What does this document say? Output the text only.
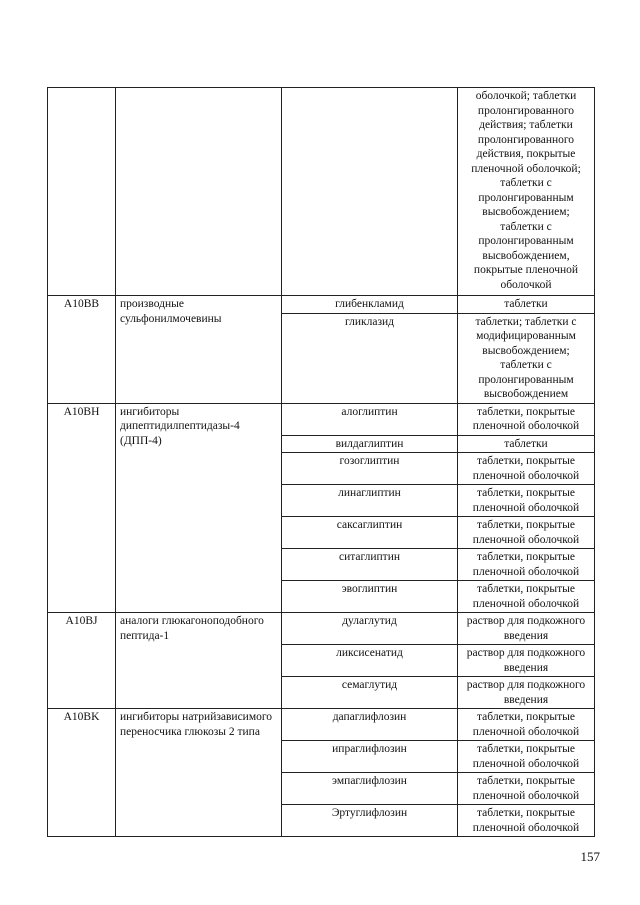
			оболочкой; таблетки пролонгированного действия; таблетки пролонгированного действия, покрытые пленочной оболочкой; таблетки с пролонгированным высвобождением; таблетки с пролонгированным высвобождением, покрытые пленочной оболочкой
A10BB	производные сульфонилмочевины	глибенкламид	таблетки
		гликлазид	таблетки; таблетки с модифицированным высвобождением; таблетки с пролонгированным высвобождением
A10BH	ингибиторы дипептидилпептидазы-4 (ДПП-4)	алоглиптин	таблетки, покрытые пленочной оболочкой
		вилдаглиптин	таблетки
		гозоглиптин	таблетки, покрытые пленочной оболочкой
		линаглиптин	таблетки, покрытые пленочной оболочкой
		саксаглиптин	таблетки, покрытые пленочной оболочкой
		ситаглиптин	таблетки, покрытые пленочной оболочкой
		эвоглиптин	таблетки, покрытые пленочной оболочкой
A10BJ	аналоги глюкагоноподобного пептида-1	дулаглутид	раствор для подкожного введения
		ликсисенатид	раствор для подкожного введения
		семаглутид	раствор для подкожного введения
A10BK	ингибиторы натрийзависимого переносчика глюкозы 2 типа	дапаглифлозин	таблетки, покрытые пленочной оболочкой
		ипраглифлозин	таблетки, покрытые пленочной оболочкой
		эмпаглифлозин	таблетки, покрытые пленочной оболочкой
		Эртуглифлозин	таблетки, покрытые пленочной оболочкой
157
